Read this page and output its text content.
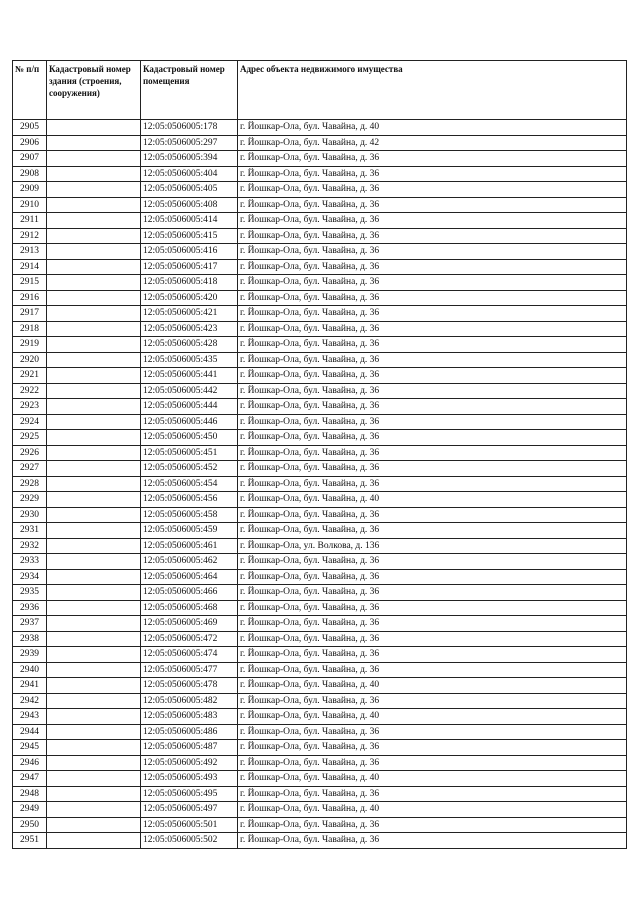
№ п/п	Кадастровый номер здания (строения, сооружения)	Кадастровый номер помещения	Адрес объекта недвижимого имущества
2905		12:05:0506005:178	г. Йошкар-Ола, бул. Чавайна, д. 40
2906		12:05:0506005:297	г. Йошкар-Ола, бул. Чавайна, д. 42
2907		12:05:0506005:394	г. Йошкар-Ола, бул. Чавайна, д. 36
2908		12:05:0506005:404	г. Йошкар-Ола, бул. Чавайна, д. 36
2909		12:05:0506005:405	г. Йошкар-Ола, бул. Чавайна, д. 36
2910		12:05:0506005:408	г. Йошкар-Ола, бул. Чавайна, д. 36
2911		12:05:0506005:414	г. Йошкар-Ола, бул. Чавайна, д. 36
2912		12:05:0506005:415	г. Йошкар-Ола, бул. Чавайна, д. 36
2913		12:05:0506005:416	г. Йошкар-Ола, бул. Чавайна, д. 36
2914		12:05:0506005:417	г. Йошкар-Ола, бул. Чавайна, д. 36
2915		12:05:0506005:418	г. Йошкар-Ола, бул. Чавайна, д. 36
2916		12:05:0506005:420	г. Йошкар-Ола, бул. Чавайна, д. 36
2917		12:05:0506005:421	г. Йошкар-Ола, бул. Чавайна, д. 36
2918		12:05:0506005:423	г. Йошкар-Ола, бул. Чавайна, д. 36
2919		12:05:0506005:428	г. Йошкар-Ола, бул. Чавайна, д. 36
2920		12:05:0506005:435	г. Йошкар-Ола, бул. Чавайна, д. 36
2921		12:05:0506005:441	г. Йошкар-Ола, бул. Чавайна, д. 36
2922		12:05:0506005:442	г. Йошкар-Ола, бул. Чавайна, д. 36
2923		12:05:0506005:444	г. Йошкар-Ола, бул. Чавайна, д. 36
2924		12:05:0506005:446	г. Йошкар-Ола, бул. Чавайна, д. 36
2925		12:05:0506005:450	г. Йошкар-Ола, бул. Чавайна, д. 36
2926		12:05:0506005:451	г. Йошкар-Ола, бул. Чавайна, д. 36
2927		12:05:0506005:452	г. Йошкар-Ола, бул. Чавайна, д. 36
2928		12:05:0506005:454	г. Йошкар-Ола, бул. Чавайна, д. 36
2929		12:05:0506005:456	г. Йошкар-Ола, бул. Чавайна, д. 40
2930		12:05:0506005:458	г. Йошкар-Ола, бул. Чавайна, д. 36
2931		12:05:0506005:459	г. Йошкар-Ола, бул. Чавайна, д. 36
2932		12:05:0506005:461	г. Йошкар-Ола, ул. Волкова, д. 136
2933		12:05:0506005:462	г. Йошкар-Ола, бул. Чавайна, д. 36
2934		12:05:0506005:464	г. Йошкар-Ола, бул. Чавайна, д. 36
2935		12:05:0506005:466	г. Йошкар-Ола, бул. Чавайна, д. 36
2936		12:05:0506005:468	г. Йошкар-Ола, бул. Чавайна, д. 36
2937		12:05:0506005:469	г. Йошкар-Ола, бул. Чавайна, д. 36
2938		12:05:0506005:472	г. Йошкар-Ола, бул. Чавайна, д. 36
2939		12:05:0506005:474	г. Йошкар-Ола, бул. Чавайна, д. 36
2940		12:05:0506005:477	г. Йошкар-Ола, бул. Чавайна, д. 36
2941		12:05:0506005:478	г. Йошкар-Ола, бул. Чавайна, д. 40
2942		12:05:0506005:482	г. Йошкар-Ола, бул. Чавайна, д. 36
2943		12:05:0506005:483	г. Йошкар-Ола, бул. Чавайна, д. 40
2944		12:05:0506005:486	г. Йошкар-Ола, бул. Чавайна, д. 36
2945		12:05:0506005:487	г. Йошкар-Ола, бул. Чавайна, д. 36
2946		12:05:0506005:492	г. Йошкар-Ола, бул. Чавайна, д. 36
2947		12:05:0506005:493	г. Йошкар-Ола, бул. Чавайна, д. 40
2948		12:05:0506005:495	г. Йошкар-Ола, бул. Чавайна, д. 36
2949		12:05:0506005:497	г. Йошкар-Ола, бул. Чавайна, д. 40
2950		12:05:0506005:501	г. Йошкар-Ола, бул. Чавайна, д. 36
2951		12:05:0506005:502	г. Йошкар-Ола, бул. Чавайна, д. 36
